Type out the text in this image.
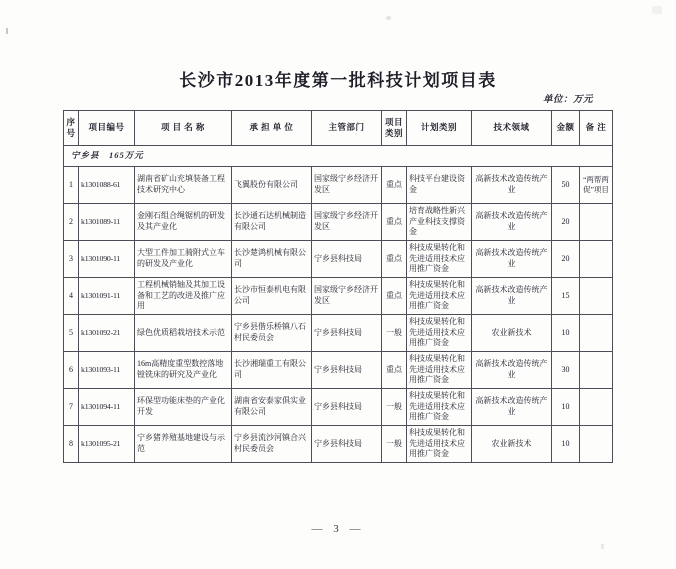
长沙市2013年度第一批科技计划项目表
单位：万元
序号	项目编号	项 目 名 称	承 担 单 位	主管部门	项目类别	计划类别	技术领域	金额	备 注
宁乡县　165万元									
1	k1301088-61	湖南省矿山充填装备工程技术研究中心	飞翼股份有限公司	国家级宁乡经济开发区	重点	科技平台建设资金	高新技术改造传统产业	50	“两帮两促”项目
2	k1301089-11	金刚石组合绳锯机的研发及其产业化	长沙通石达机械制造有限公司	国家级宁乡经济开发区	重点	培育战略性新兴产业科技支撑资金	高新技术改造传统产业	20	
3	k1301090-11	大型工件加工骑附式立车的研发及产业化	长沙楚鸿机械有限公司	宁乡县科技局	重点	科技成果转化和先进适用技术应用推广资金	高新技术改造传统产业	20	
4	k1301091-11	工程机械销轴及其加工设备和工艺的改进及推广应用	长沙市恒泰机电有限公司	国家级宁乡经济开发区	重点	科技成果转化和先进适用技术应用推广资金	高新技术改造传统产业	15	
5	k1301092-21	绿色优质稻栽培技术示范	宁乡县偕乐桥镇八石村民委员会	宁乡县科技局	一般	科技成果转化和先进适用技术应用推广资金	农业新技术	10	
6	k1301093-11	16m高精度重型数控落地镗铣床的研究及产业化	长沙湘瑞重工有限公司	宁乡县科技局	重点	科技成果转化和先进适用技术应用推广资金	高新技术改造传统产业	30	
7	k1301094-11	环保型功能床垫的产业化开发	湖南省安泰家俱实业有限公司	宁乡县科技局	一般	科技成果转化和先进适用技术应用推广资金	高新技术改造传统产业	10	
8	k1301095-21	宁乡猪养殖基地建设与示范	宁乡县流沙河镇合兴村民委员会	宁乡县科技局	一般	科技成果转化和先进适用技术应用推广资金	农业新技术	10	
— 3 —
